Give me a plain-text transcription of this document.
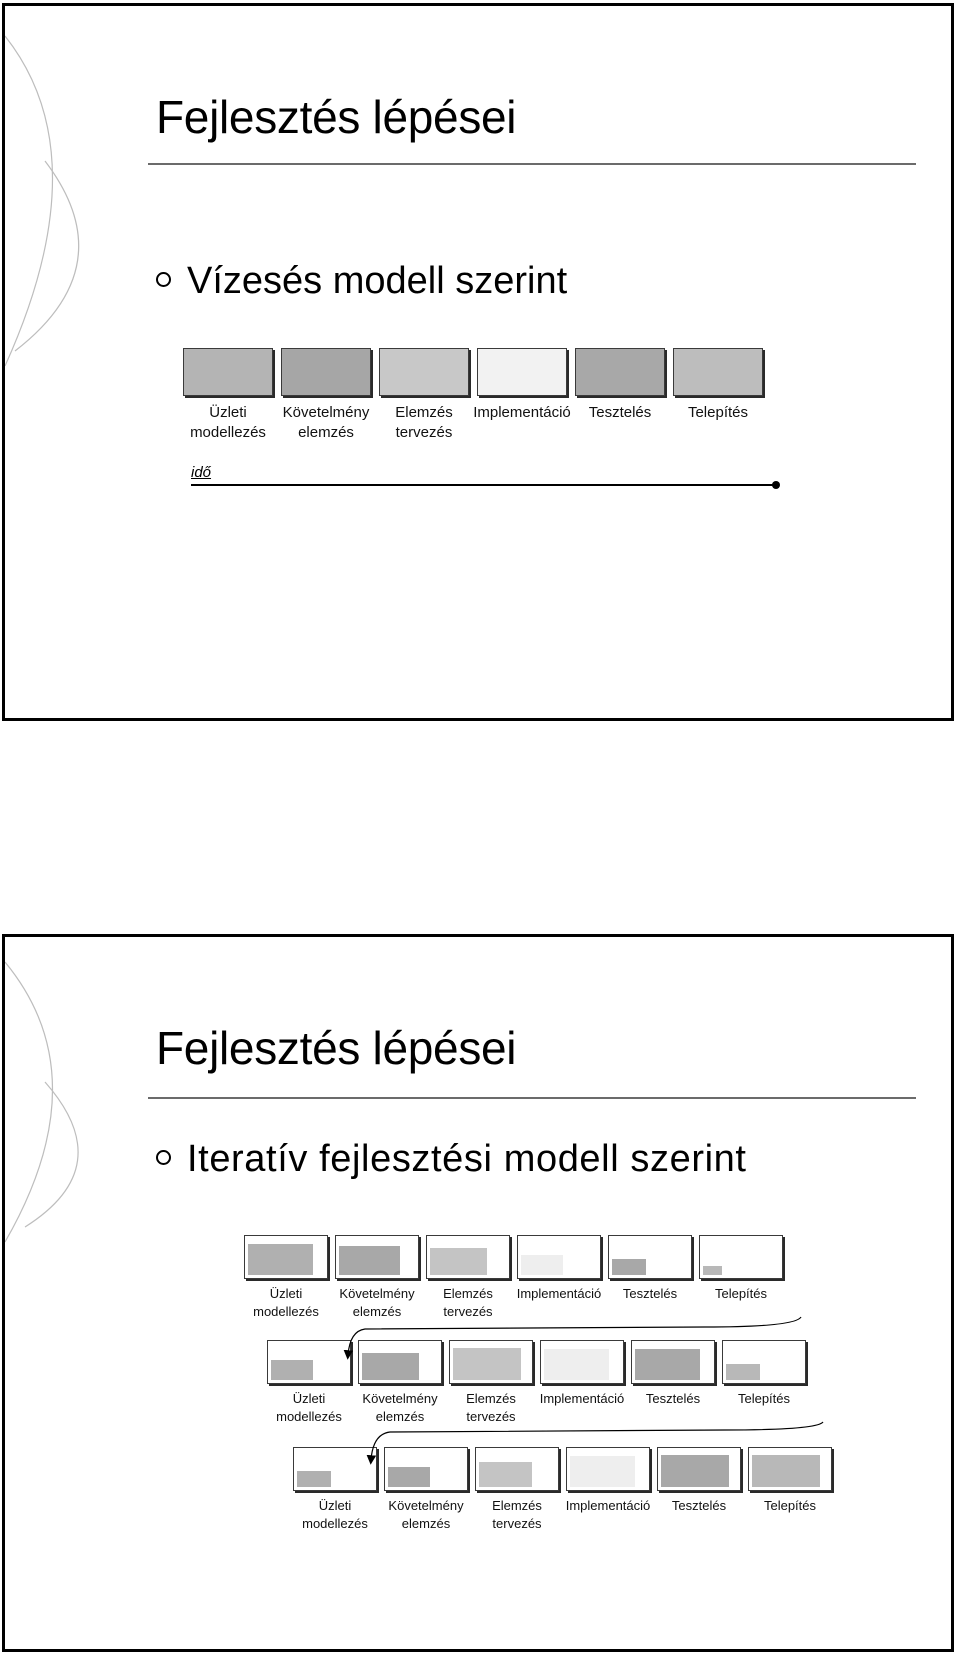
Fejlesztés lépései
Vízesés modell szerint
Üzleti
modellezés
Követelmény
elemzés
Elemzés
tervezés
Implementáció	Tesztelés	Telepítés
idő
Fejlesztés lépései
Iteratív fejlesztési modell szerint
Üzleti
modellezés
Követelmény
elemzés
Elemzés
tervezés
Implementáció	Tesztelés	Telepítés
Üzleti
modellezés
Követelmény
elemzés
Elemzés
tervezés
Implementáció	Tesztelés	Telepítés
Üzleti
modellezés
Követelmény
elemzés
Elemzés
tervezés
Implementáció	Tesztelés	Telepítés
